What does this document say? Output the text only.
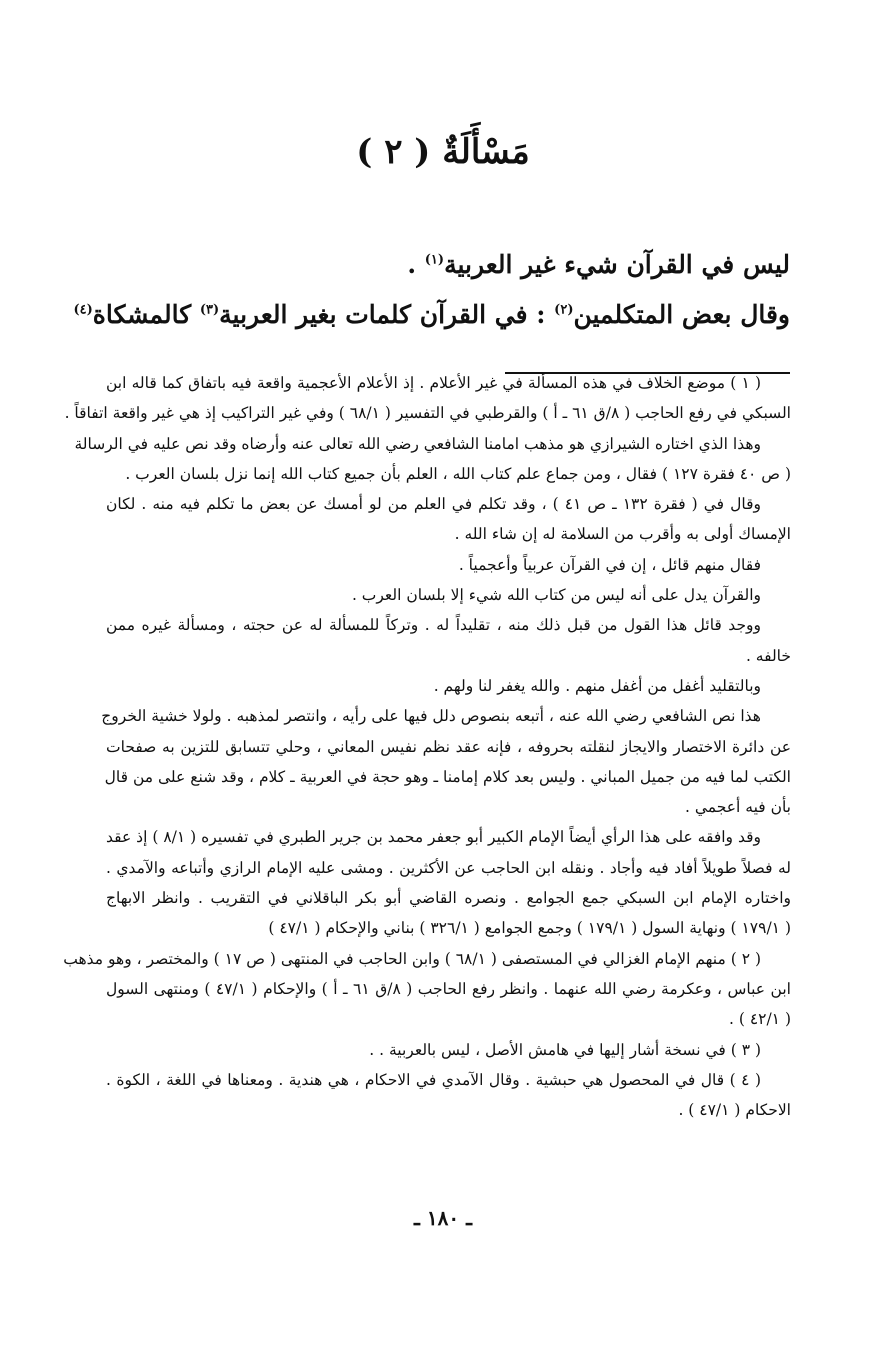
مَسْأَلَةٌ ( ٢ )
ليس في القرآن شيء غير العربية$^{(١)}$ .
وقال بعض المتكلمين$^{(٢)}$ : في القرآن كلمات بغير العربية$^{(٣)}$ كالمشكاة$^{(٤)}$
( ١ ) موضع الخلاف في هذه المسألة في غير الأعلام . إذ الأعلام الأعجمية واقعة فيه باتفاق كما قاله ابن
السبكي في رفع الحاجب ( ٨/ق ٦١ ـ أ ) والقرطبي في التفسير ( ٦٨/١ ) وفي غير التراكيب إذ هي غير واقعة اتفاقاً .
وهذا الذي اختاره الشيرازي هو مذهب امامنا الشافعي رضي الله تعالى عنه وأرضاه وقد نص عليه في الرسالة
( ص ٤٠ فقرة ١٢٧ ) فقال ، ومن جماع علم كتاب الله ، العلم بأن جميع كتاب الله إنما نزل بلسان العرب .
وقال في ( فقرة ١٣٢ ـ ص ٤١ ) ، وقد تكلم في العلم من لو أمسك عن بعض ما تكلم فيه منه . لكان
الإمساك أولى به وأقرب من السلامة له إن شاء الله .
فقال منهم قائل ، إن في القرآن عربياً وأعجمياً .
والقرآن يدل على أنه ليس من كتاب الله شيء إلا بلسان العرب .
ووجد قائل هذا القول من قبل ذلك منه ، تقليداً له . وتركاً للمسألة له عن حجته ، ومسألة غيره ممن
خالفه .
وبالتقليد أغفل من أغفل منهم . والله يغفر لنا ولهم .
هذا نص الشافعي رضي الله عنه ، أتبعه بنصوص دلل فيها على رأيه ، وانتصر لمذهبه . ولولا خشية الخروج
عن دائرة الاختصار والايجاز لنقلته بحروفه ، فإنه عقد نظم نفيس المعاني ، وحلي تتسابق للتزين به صفحات
الكتب لما فيه من جميل المباني . وليس بعد كلام إمامنا ـ وهو حجة في العربية ـ كلام ، وقد شنع على من قال
بأن فيه أعجمي .
وقد وافقه على هذا الرأي أيضاً الإمام الكبير أبو جعفر محمد بن جرير الطبري في تفسيره ( ٨/١ ) إذ عقد
له فصلاً طويلاً أفاد فيه وأجاد . ونقله ابن الحاجب عن الأكثرين . ومشى عليه الإمام الرازي وأتباعه والآمدي .
واختاره الإمام ابن السبكي جمع الجوامع . ونصره القاضي أبو بكر الباقلاني في التقريب . وانظر الابهاج
( ١٧٩/١ ) ونهاية السول ( ١٧٩/١ ) وجمع الجوامع ( ٣٢٦/١ ) بناني والإحكام ( ٤٧/١ )
( ٢ ) منهم الإمام الغزالي في المستصفى ( ٦٨/١ ) وابن الحاجب في المنتهى ( ص ١٧ ) والمختصر ، وهو مذهب
ابن عباس ، وعكرمة رضي الله عنهما . وانظر رفع الحاجب ( ٨/ق ٦١ ـ أ ) والإحكام ( ٤٧/١ ) ومنتهى السول
( ٤٢/١ ) .
( ٣ ) في نسخة أشار إليها في هامش الأصل ، ليس بالعربية . .
( ٤ ) قال في المحصول هي حبشية . وقال الآمدي في الاحكام ، هي هندية . ومعناها في اللغة ، الكوة .
الاحكام ( ٤٧/١ ) .
ـ ١٨٠ ـ
